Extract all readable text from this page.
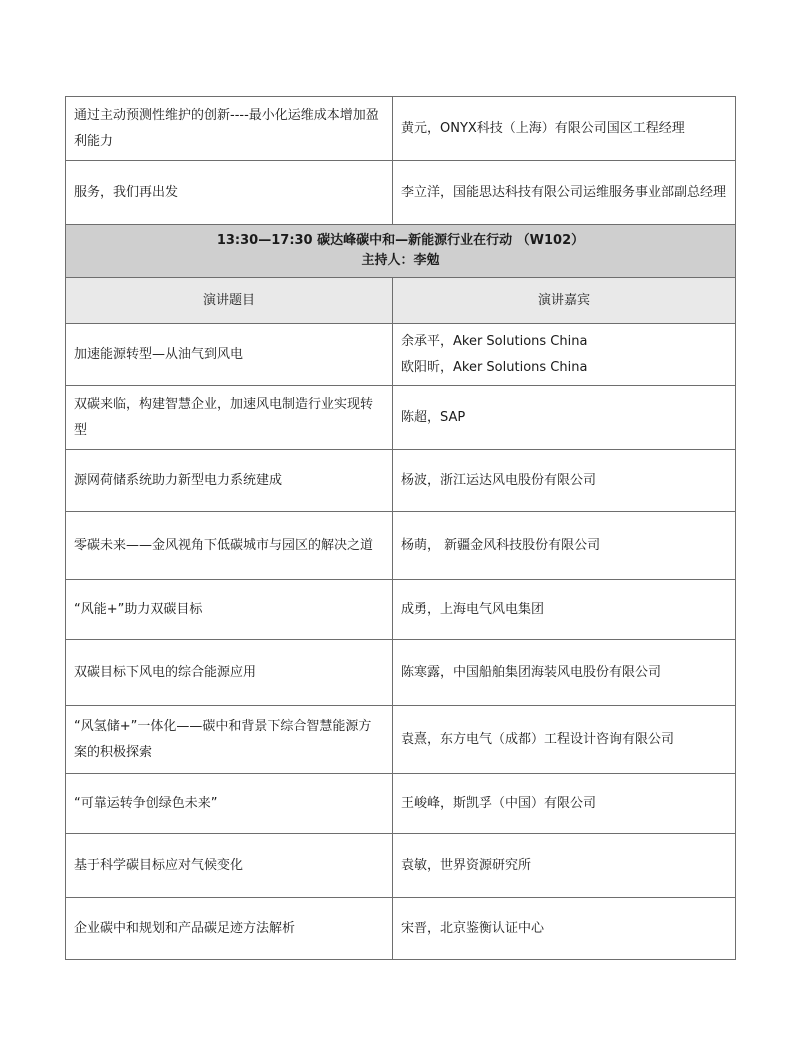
通过主动预测性维护的创新----最小化运维成本增加盈利能力	黄元，ONYX科技（上海）有限公司国区工程经理
服务，我们再出发	李立洋，国能思达科技有限公司运维服务事业部副总经理

13:30—17:30 碳达峰碳中和—新能源行业在行动 （W102）
主持人：李勉	

演讲题目	演讲嘉宾
加速能源转型—从油气到风电	余承平，Aker Solutions China
欧阳昕，Aker Solutions China

双碳来临，构建智慧企业，加速风电制造行业实现转型	陈超，SAP
源网荷储系统助力新型电力系统建成	杨波，浙江运达风电股份有限公司
零碳未来——金风视角下低碳城市与园区的解决之道	杨萌， 新疆金风科技股份有限公司
“风能+”助力双碳目标	成勇，上海电气风电集团
双碳目标下风电的综合能源应用	陈寒露，中国船舶集团海装风电股份有限公司
“风氢储+”一体化——碳中和背景下综合智慧能源方案的积极探索	袁熹，东方电气（成都）工程设计咨询有限公司
“可靠运转争创绿色未来”	王峻峰，斯凯孚（中国）有限公司
基于科学碳目标应对气候变化	袁敏，世界资源研究所
企业碳中和规划和产品碳足迹方法解析	宋晋，北京鉴衡认证中心
